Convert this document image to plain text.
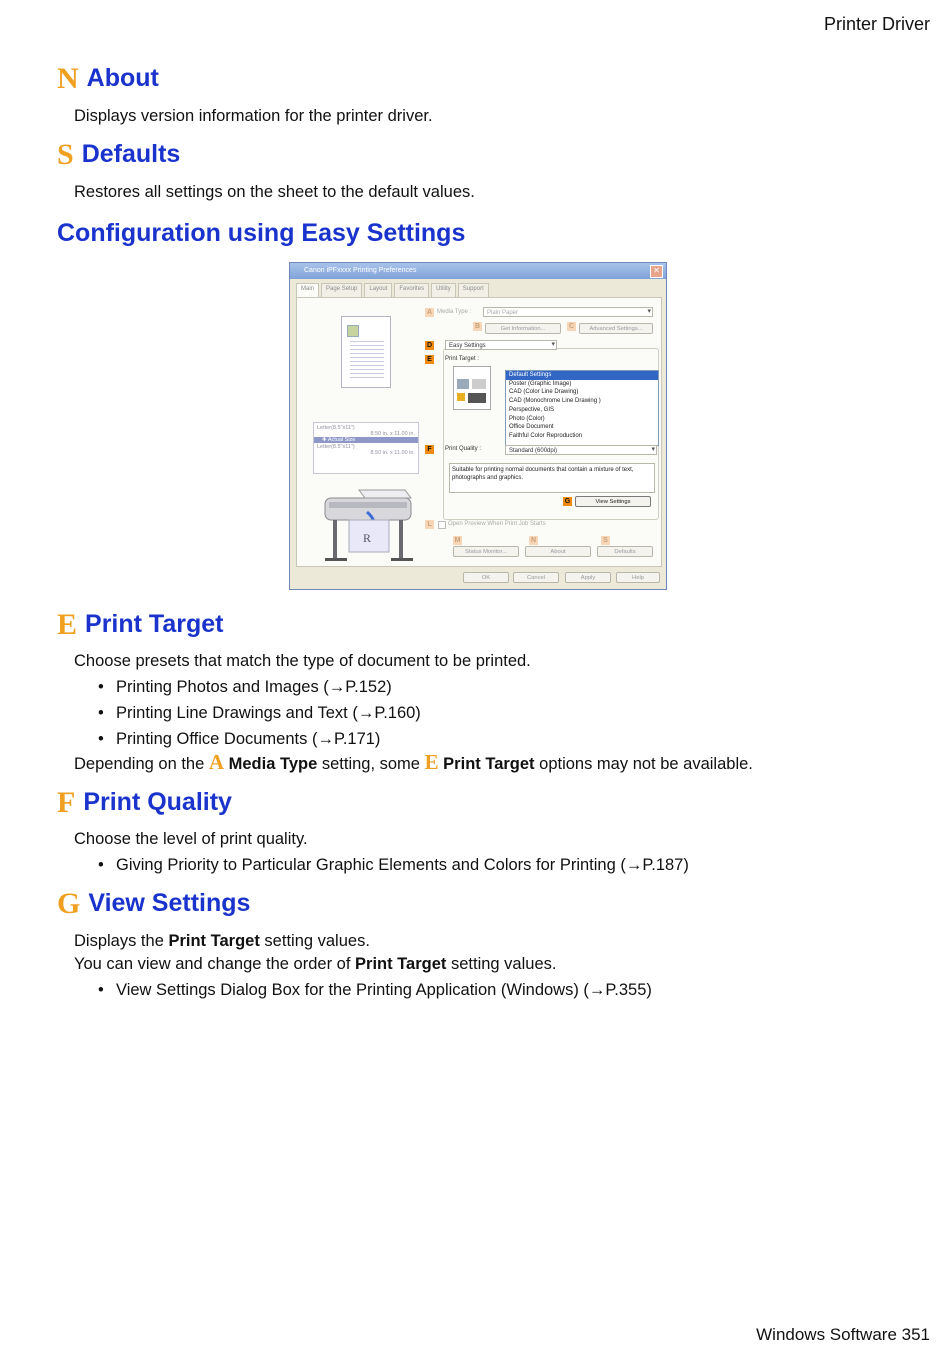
Printer Driver
N About
Displays version information for the printer driver.
S Defaults
Restores all settings on the sheet to the default values.
Configuration using Easy Settings
Canon iPFxxxx Printing Preferences	✕
Main	Page Setup	Layout	Favorites	Utility	Support
Letter(8.5"x11")
8.50 in. x 11.00 in.
✚ Actual Size
Letter(8.5"x11")
8.50 in. x 11.00 in.
R
A Media Type :	Plain Paper ▾
B	Get Information...	C	Advanced Settings...
D	Easy Settings ▾
E	Print Target :
Default Settings
Poster (Graphic Image)
CAD (Color Line Drawing)
CAD (Monochrome Line Drawing )
Perspective, GIS
Photo (Color)
Office Document
Faithful Color Reproduction
F	Print Quality :	Standard (600dpi) ▾
Suitable for printing normal documents that contain a mixture of text, photographs and graphics.
G	View Settings
L	Open Preview When Print Job Starts
M
Status Monitor...
N
About
S
Defaults
OK	Cancel	Apply	Help
E Print Target
Choose presets that match the type of document to be printed.
• Printing Photos and Images (→P.152)
• Printing Line Drawings and Text (→P.160)
• Printing Office Documents (→P.171)
Depending on the A Media Type setting, some E Print Target options may not be available.
F Print Quality
Choose the level of print quality.
• Giving Priority to Particular Graphic Elements and Colors for Printing (→P.187)
G View Settings
Displays the Print Target setting values.
You can view and change the order of Print Target setting values.
• View Settings Dialog Box for the Printing Application (Windows) (→P.355)
Windows Software 351
